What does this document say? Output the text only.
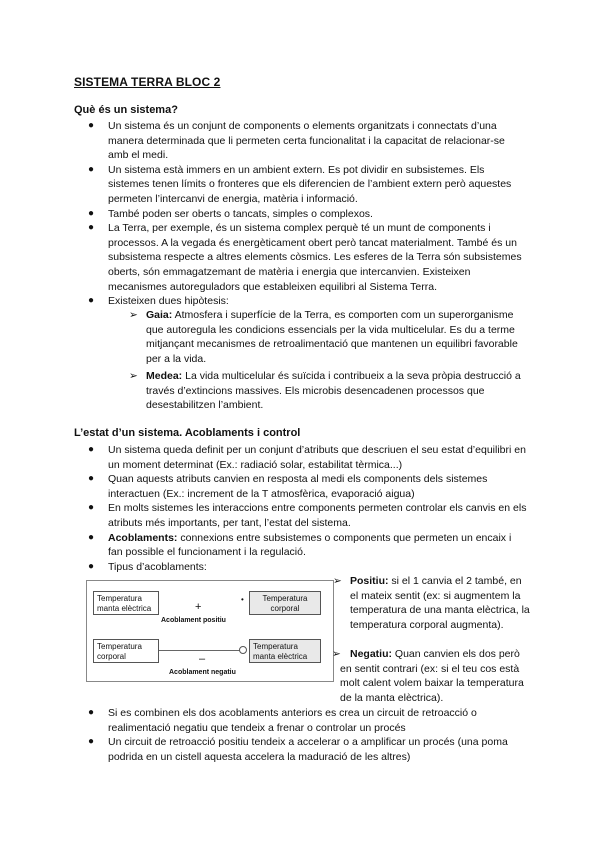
SISTEMA TERRA BLOC 2
Què és un sistema?
● Un sistema és un conjunt de components o elements organitzats i connectats d’una manera determinada que li permeten certa funcionalitat i la capacitat de relacionar-se amb el medi.
● Un sistema està immers en un ambient extern. Es pot dividir en subsistemes. Els sistemes tenen límits o fronteres que els diferencien de l’ambient extern però aquestes permeten l’intercanvi de energia, matèria i informació.
● També poden ser oberts o tancats, simples o complexos.
● La Terra, per exemple, és un sistema complex perquè té un munt de components i processos. A la vegada és energèticament obert però tancat materialment. També és un subsistema respecte a altres elements còsmics. Les esferes de la Terra són subsistemes oberts, són emmagatzemant de matèria i energia que intercanvien. Existeixen mecanismes autoreguladors que estableixen equilibri al Sistema Terra.
● Existeixen dues hipòtesis:
➢ Gaia: Atmosfera i superfície de la Terra, es comporten com un superorganisme que autoregula les condicions essencials per la vida multicelular. Es du a terme mitjançant mecanismes de retroalimentació que mantenen un equilibri favorable per a la vida.
➢ Medea: La vida multicelular és suïcida i contribueix a la seva pròpia destrucció a través d’extincions massives. Els microbis desencadenen processos que desestabilitzen l’ambient.
L’estat d’un sistema. Acoblaments i control
● Un sistema queda definit per un conjunt d’atributs que descriuen el seu estat d’equilibri en un moment determinat (Ex.: radiació solar, estabilitat tèrmica...)
● Quan aquests atributs canvien en resposta al medi els components dels sistemes interactuen (Ex.: increment de la T atmosfèrica, evaporació aigua)
● En molts sistemes les interaccions entre components permeten controlar els canvis en els atributs més importants, per tant, l’estat del sistema.
● Acoblaments: connexions entre subsistemes o components que permeten un encaix i fan possible el funcionament i la regulació.
● Tipus d’acoblaments:
Temperatura manta elèctrica
Temperatura corporal
+
•
Acoblament positiu
Temperatura corporal
Temperatura manta elèctrica
–
Acoblament negatiu
➢ Positiu: si el 1 canvia el 2 també, en el mateix sentit (ex: si augmentem la temperatura de una manta elèctrica, la temperatura corporal augmenta).
➢ Negatiu: Quan canvien els dos però en sentit contrari (ex: si el teu cos està molt calent volem baixar la temperatura de la manta elèctrica).
● Si es combinen els dos acoblaments anteriors es crea un circuit de retroacció o realimentació negatiu que tendeix a frenar o controlar un procés
● Un circuit de retroacció positiu tendeix a accelerar o a amplificar un procés (una poma podrida en un cistell aquesta accelera la maduració de les altres)
